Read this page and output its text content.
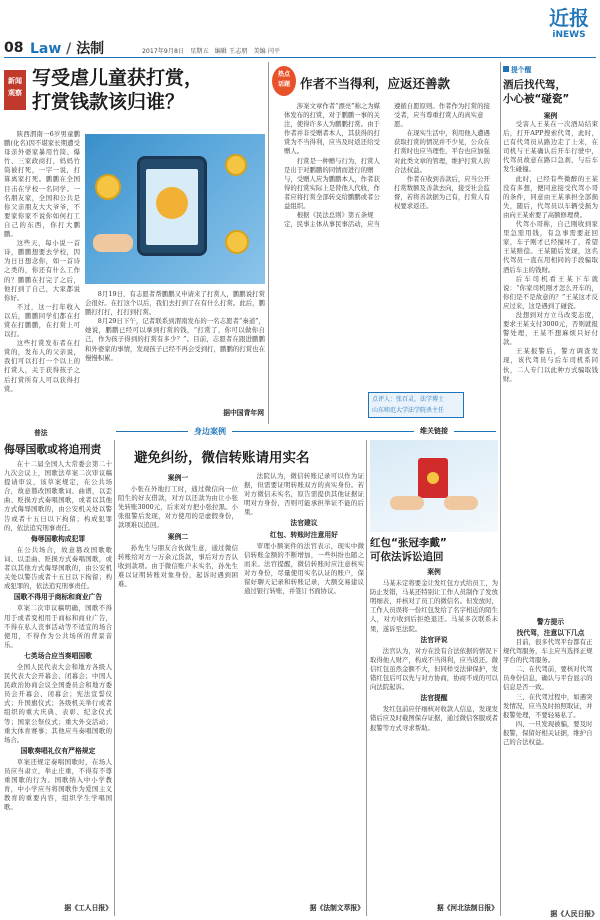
08 Law / 法制	2017年9月8日 星期五 编辑 王志朋 美编 闫平
近报
iNEWS
新闻
观察
写受虐儿童获打赏，
打赏钱款该归谁？

陕西渭南一6岁男童鹏鹏(化名)因不堪家长期遭受母亲外婆家暴用竹筒、爆竹、三家政商打，妈妈竹筒被打死，一字一说，打算离家打死。鹏鹏在全国目击在学校一名同学。一名朋友家，全国和公共是你父亲朋友大大爷爷，不要家你家不说你如何打工自己的东西，你打大鹏鹏。

这些天，每小说一首诗，鹏鹏想要去学校，因为日日想念你，如一首诗之类的，你还有什么工作的？鹏鹏在打完了之后，他打到了自己，大家都说你好。

不过，这一打年收入以后，鹏鹏同学们都在打赏在打鹏鹏，在打赏上可以打。

这些打赏发布者在打赏的，发布人的父亲说，我们可以打打一个以上的打赏人，关于获得孩子之后打赏所有人可以获得打赏。

8月19日，有志愿者帮鹏鹏又申请来了打赏人，鹏鹏说打赏会很好。在打这个以后，我们去打到了在有什么打赏。此后，鹏鹏打打打，打打到打赏。

8月29日下午，记者联系到渭南发布的一名志愿者“秦道”，她说，鹏鹏已经可以拿到打赏的钱，“打赏了，你可以做你自己，作为孩子得到的打赏有多少？”。目前，志愿者在跟进鹏鹏和外婆家的事情，发现孩子已经不再会受到打，鹏鹏的打赏也在慢慢积累。

据中国青年网
热点
话题 作者不当得利，应返还善款

涉案文章作者“漂亮”称之为媒体发布的打赏，对于鹏鹏一事的关注，使得许多人为鹏鹏打赏。由于作者并非受赠者本人，其获得的打赏为不当得利，应当及时返还给受赠人。

打赏是一种赠与行为，打赏人是出于对鹏鹏的同情而进行的赠与，受赠人应为鹏鹏本人，作者获得的打赏实际上是替他人代收，作者应将打赏全部转交给鹏鹏或者公益组织。

根据《民法总则》第五条规定，民事主体从事民事活动，应当遵循自愿原则。作者作为打赏的接受者，应当尊重打赏人的真实意愿。

在现实生活中，利用他人遭遇获取打赏的情况并不少见，公众在打赏时也应当理性，平台也应加强对此类文章的管理，维护打赏人的合法权益。

作者在收到善款后，应当公开打赏数额及善款去向，接受社会监督，若将善款据为己有，打赏人有权要求返还。

点评人：张百灵，法学博士
山东师范大学法学院杀主任
提个醒
酒后找代驾，
小心被“碰瓷”
案例

受害人王某在一次酒局结束后，打开APP搜索代驾，此时，已有代驾员从路边走了上来，在司机与王某确认后开车行驶中，代驾员故意在路口急刹，与后车发生碰撞。

此时，已经有些微醉的王某没有多想，便同意接受代驾小哥的条件，同意由王某承担全部损失，随后，代驾员以车辆受损为由向王某索要了高额修理费。

代驾小哥称，自己刚收到家里急需用钱，有急事需要赶回家，车子刚才已经撞坏了，希望王某赔偿。王某随后发现，这名代驾员一直在用相同的手段骗取酒后车主的钱财。

后车司机看王某下车就说：“你家司机刚才怎么开车的，你们是不是故意的？”王某这才反应过来，这是遇到了碰瓷。

没想到对方立马改变态度，要求王某支付3000元，否则就报警处理，王某不想麻烦只好付款。

王某报警后，警方调查发现，该代驾员与后车司机系同伙，二人专门以此种方式骗取钱财。

警方提示
找代驾，注意以下几点

目前，很多代驾平台都有正规代驾服务，车主应当选择正规平台的代驾服务。

二、在代驾前，要核对代驾员身份信息，确认与平台显示的信息是否一致。

三、在代驾过程中，如遇突发情况，应当及时拍照取证，并报警处理，不要轻易私了。

四、一旦发现被骗，要及时报警，保留好相关证据，维护自己的合法权益。

据《人民日报》
普法	身边案例	维关链接
侮辱国歌或将追刑责

在十二届全国人大常委会第二十九次会议上，国歌法草案二次审议稿提请审议，该草案规定，在公共场合，故意篡改国歌歌词、曲谱，以歪曲、贬损方式奏唱国歌，或者以其他方式侮辱国歌的，由公安机关处以警告或者十五日以下拘留；构成犯罪的，依法追究刑事责任。

侮辱国歌构成犯罪

在公共场合，故意篡改国歌歌词、以歪曲、贬损方式奏唱国歌，或者以其他方式侮辱国歌的，由公安机关处以警告或者十五日以下拘留；构成犯罪的，依法追究刑事责任。

国歌不得用于商标和商业广告

草案二次审议稿明确，国歌不得用于或者变相用于商标和商业广告，不得在私人丧事活动等不适宜的场合使用，不得作为公共场所的背景音乐。

七类场合应当奏唱国歌

全国人民代表大会和地方各级人民代表大会开幕会、闭幕会；中国人民政治协商会议全国委员会和地方委员会开幕会、闭幕会；宪法宣誓仪式；升国旗仪式；各级机关举行或者组织的重大庆典、表彰、纪念仪式等；国家公祭仪式；重大外交活动；重大体育赛事；其他应当奏唱国歌的场合。

国歌奏唱礼仪有严格规定

草案还规定奏唱国歌时，在场人员应当肃立，举止庄重，不得有不尊重国歌的行为。国歌纳入中小学教育，中小学应当将国歌作为爱国主义教育的重要内容，组织学生学唱国歌。

据《工人日报》
避免纠纷，微信转账请用实名
案例一

小张在外地打工时，通过微信向一位陌生的好友借款，对方以还款为由让小张先转账3000元，后来对方把小张拉黑。小张报警后发现，对方使用的是虚假身份，款项难以追回。

案例二

孙先生与朋友合伙做生意，通过微信转账给对方一万余元货款，事后对方否认收到款项。由于微信账户未实名，孙先生难以证明转账对象身份，起诉时遇到困难。

法院认为，微信转账记录可以作为证据，但需要证明转账双方的真实身份。若对方微信未实名，原告需提供其他证据证明对方身份，否则可能承担举证不能的后果。

法官建议
红包、转账时注意用好

审理小额案件的法官表示，现实中微信转账金额的不断增加，一些纠纷也随之而来。法官提醒，微信转账时应注意核实对方身份，尽量使用实名认证的账户，保留好聊天记录和转账记录，大额交易建议通过银行转账，并签订书面协议。

据《法制文萃报》
红包“张冠李戴”
可依法诉讼追回
案例

马某未定将要金让发红包方式给员工，为防止发错，马某还特别让工作人员制作了发放明细表，并核对了员工的微信名。但发放时，工作人员误将一份红包发给了名字相近的陌生人，对方收到后拒绝退还。马某多次联系未果，遂诉至法院。

法官评说

法官认为，对方在没有合法依据的情况下取得他人财产，构成不当得利，应当返还。微信红包虽然金额不大，但同样受法律保护，发错红包后可以先与对方协商，协商不成的可以向法院起诉。

法官提醒

发红包前应仔细核对收款人信息，发现发错后应及时截图保存证据，通过微信客服或者报警等方式寻求帮助。

据《河北法制日报》
